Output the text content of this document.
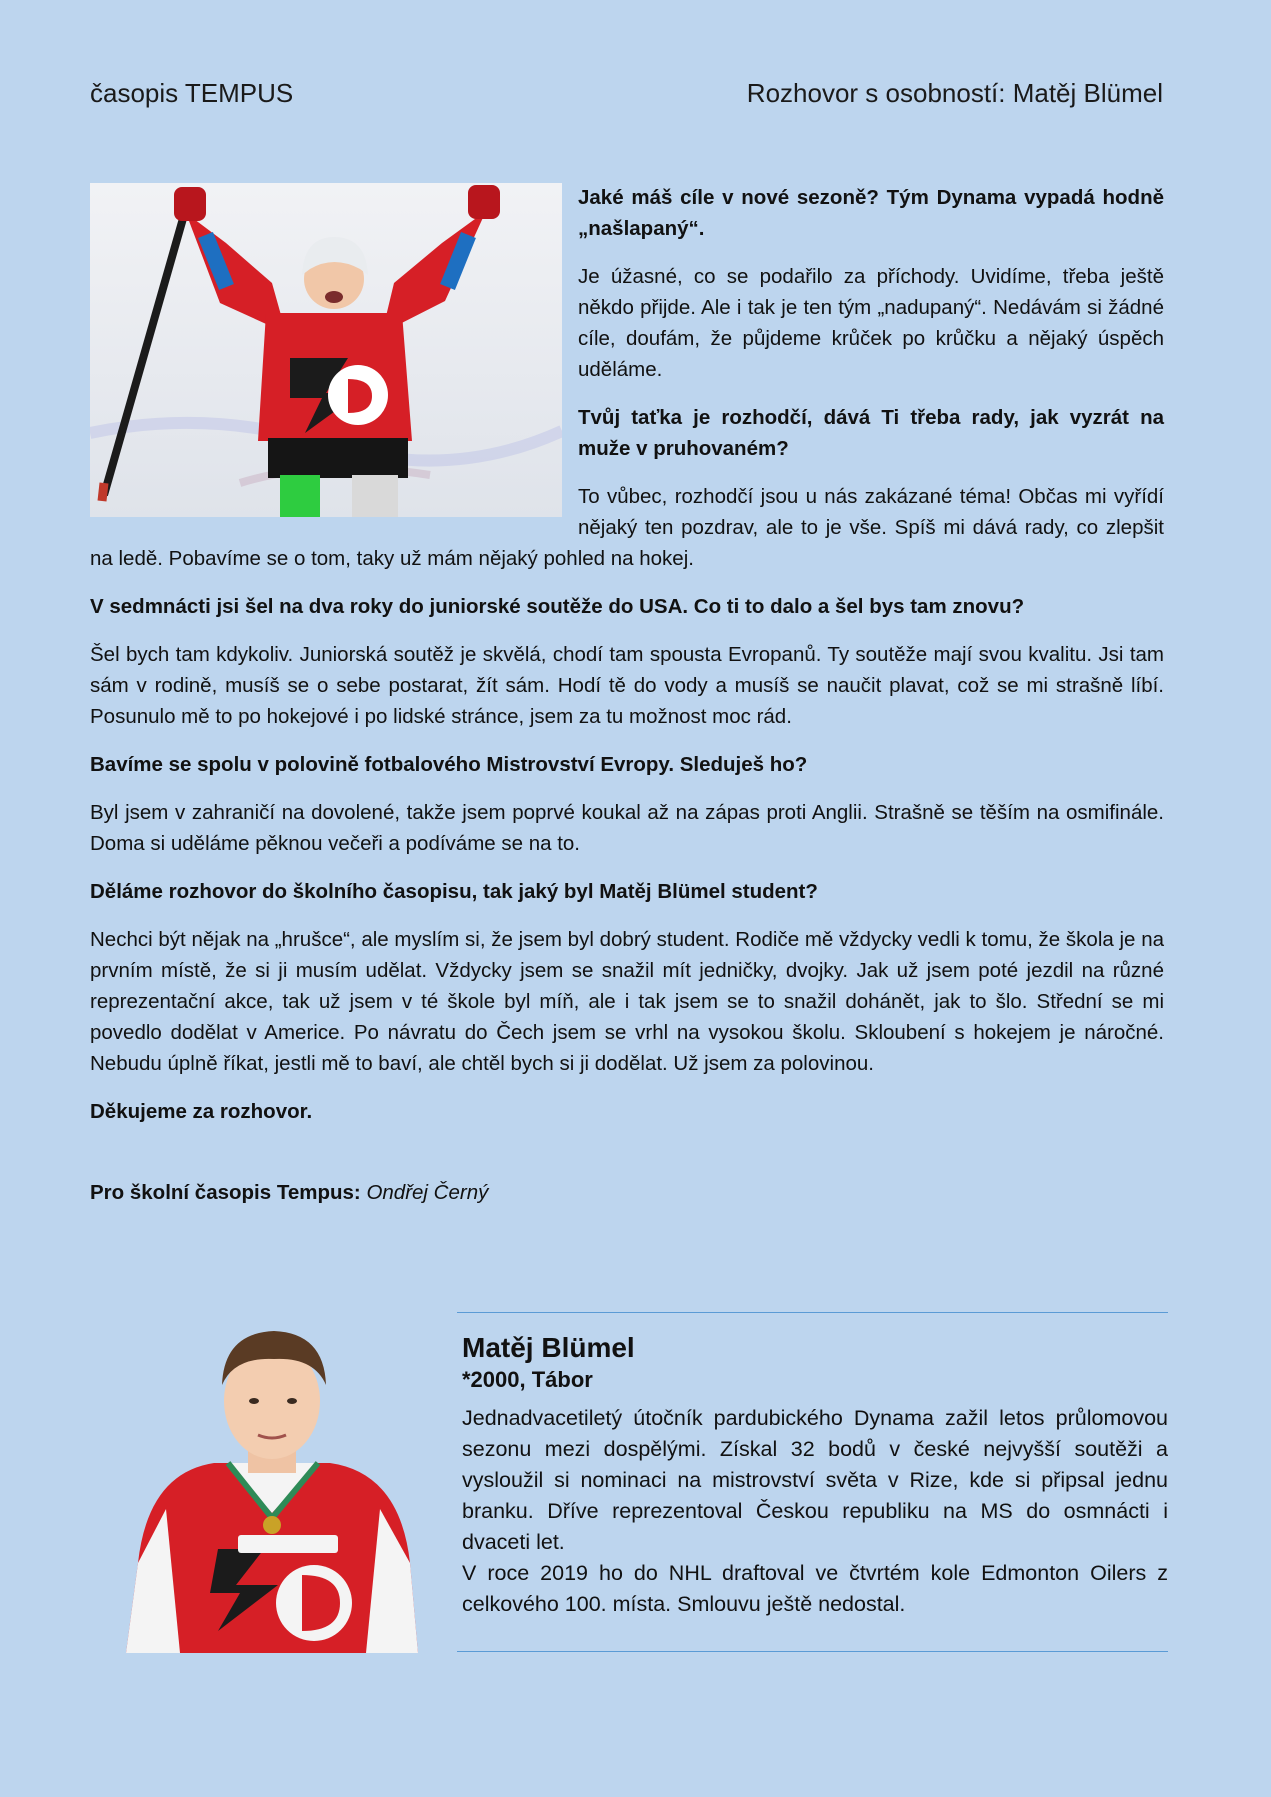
časopis TEMPUS	Rozhovor s osobností: Matěj Blümel

Jaké máš cíle v nové sezoně? Tým Dynama vypadá hodně „našlapaný“.

Je úžasné, co se podařilo za příchody. Uvidíme, třeba ještě někdo přijde. Ale i tak je ten tým „nadupaný“. Nedávám si žádné cíle, doufám, že půjdeme krůček po krůčku a nějaký úspěch uděláme.

Tvůj taťka je rozhodčí, dává Ti třeba rady, jak vyzrát na muže v pruhovaném?

To vůbec, rozhodčí jsou u nás zakázané téma! Občas mi vyřídí nějaký ten pozdrav, ale to je vše. Spíš mi dává rady, co zlepšit na ledě. Pobavíme se o tom, taky už mám nějaký pohled na hokej.

V sedmnácti jsi šel na dva roky do juniorské soutěže do USA. Co ti to dalo a šel bys tam znovu?

Šel bych tam kdykoliv. Juniorská soutěž je skvělá, chodí tam spousta Evropanů. Ty soutěže mají svou kvalitu. Jsi tam sám v rodině, musíš se o sebe postarat, žít sám. Hodí tě do vody a musíš se naučit plavat, což se mi strašně líbí. Posunulo mě to po hokejové i po lidské stránce, jsem za tu možnost moc rád.

Bavíme se spolu v polovině fotbalového Mistrovství Evropy. Sleduješ ho?

Byl jsem v zahraničí na dovolené, takže jsem poprvé koukal až na zápas proti Anglii. Strašně se těším na osmifinále. Doma si uděláme pěknou večeři a podíváme se na to.

Děláme rozhovor do školního časopisu, tak jaký byl Matěj Blümel student?

Nechci být nějak na „hrušce“, ale myslím si, že jsem byl dobrý student. Rodiče mě vždycky vedli k tomu, že škola je na prvním místě, že si ji musím udělat. Vždycky jsem se snažil mít jedničky, dvojky. Jak už jsem poté jezdil na různé reprezentační akce, tak už jsem v té škole byl míň, ale i tak jsem se to snažil dohánět, jak to šlo. Střední se mi povedlo dodělat v Americe. Po návratu do Čech jsem se vrhl na vysokou školu. Skloubení s hokejem je náročné. Nebudu úplně říkat, jestli mě to baví, ale chtěl bych si ji dodělat. Už jsem za polovinou.

Děkujeme za rozhovor.

Pro školní časopis Tempus: Ondřej Černý

Matěj Blümel
*2000, Tábor

Jednadvacetiletý útočník pardubického Dynama zažil letos průlomovou sezonu mezi dospělými. Získal 32 bodů v české nejvyšší soutěži a vysloužil si nominaci na mistrovství světa v Rize, kde si připsal jednu branku. Dříve reprezentoval Českou republiku na MS do osmnácti i dvaceti let.

V roce 2019 ho do NHL draftoval ve čtvrtém kole Edmonton Oilers z celkového 100. místa. Smlouvu ještě nedostal.
